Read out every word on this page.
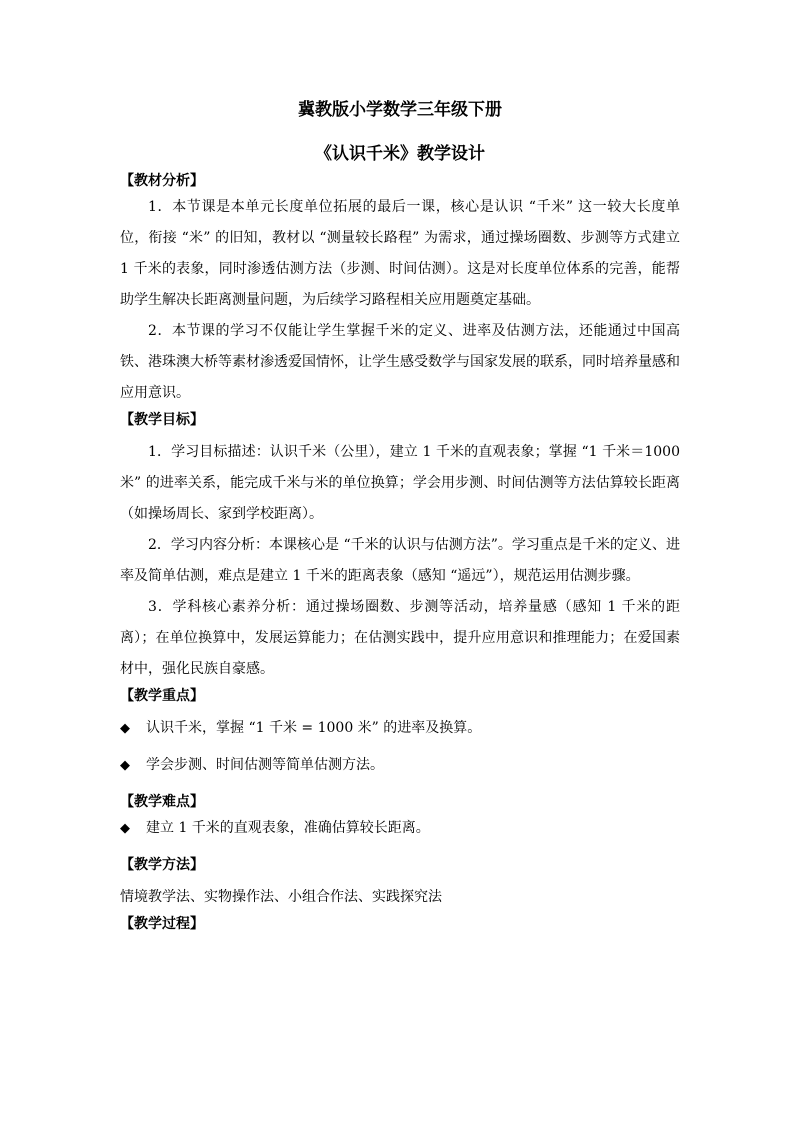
冀教版小学数学三年级下册

《认识千米》教学设计

【教材分析】

1．本节课是本单元长度单位拓展的最后一课，核心是认识 “千米” 这一较大长度单位，衔接 “米” 的旧知，教材以 “测量较长路程” 为需求，通过操场圈数、步测等方式建立 1 千米的表象，同时渗透估测方法（步测、时间估测）。这是对长度单位体系的完善，能帮助学生解决长距离测量问题，为后续学习路程相关应用题奠定基础。

2．本节课的学习不仅能让学生掌握千米的定义、进率及估测方法，还能通过中国高铁、港珠澳大桥等素材渗透爱国情怀，让学生感受数学与国家发展的联系，同时培养量感和应用意识。

【教学目标】

1．学习目标描述：认识千米（公里），建立 1 千米的直观表象；掌握 “1 千米＝1000 米” 的进率关系，能完成千米与米的单位换算；学会用步测、时间估测等方法估算较长距离（如操场周长、家到学校距离）。

2．学习内容分析：本课核心是 “千米的认识与估测方法”。学习重点是千米的定义、进率及简单估测，难点是建立 1 千米的距离表象（感知 “遥远”），规范运用估测步骤。

3．学科核心素养分析：通过操场圈数、步测等活动，培养量感（感知 1 千米的距离）；在单位换算中，发展运算能力；在估测实践中，提升应用意识和推理能力；在爱国素材中，强化民族自豪感。

【教学重点】

◆	认识千米，掌握 “1 千米 = 1000 米” 的进率及换算。
◆	学会步测、时间估测等简单估测方法。

【教学难点】

◆	建立 1 千米的直观表象，准确估算较长距离。

【教学方法】

情境教学法、实物操作法、小组合作法、实践探究法

【教学过程】
